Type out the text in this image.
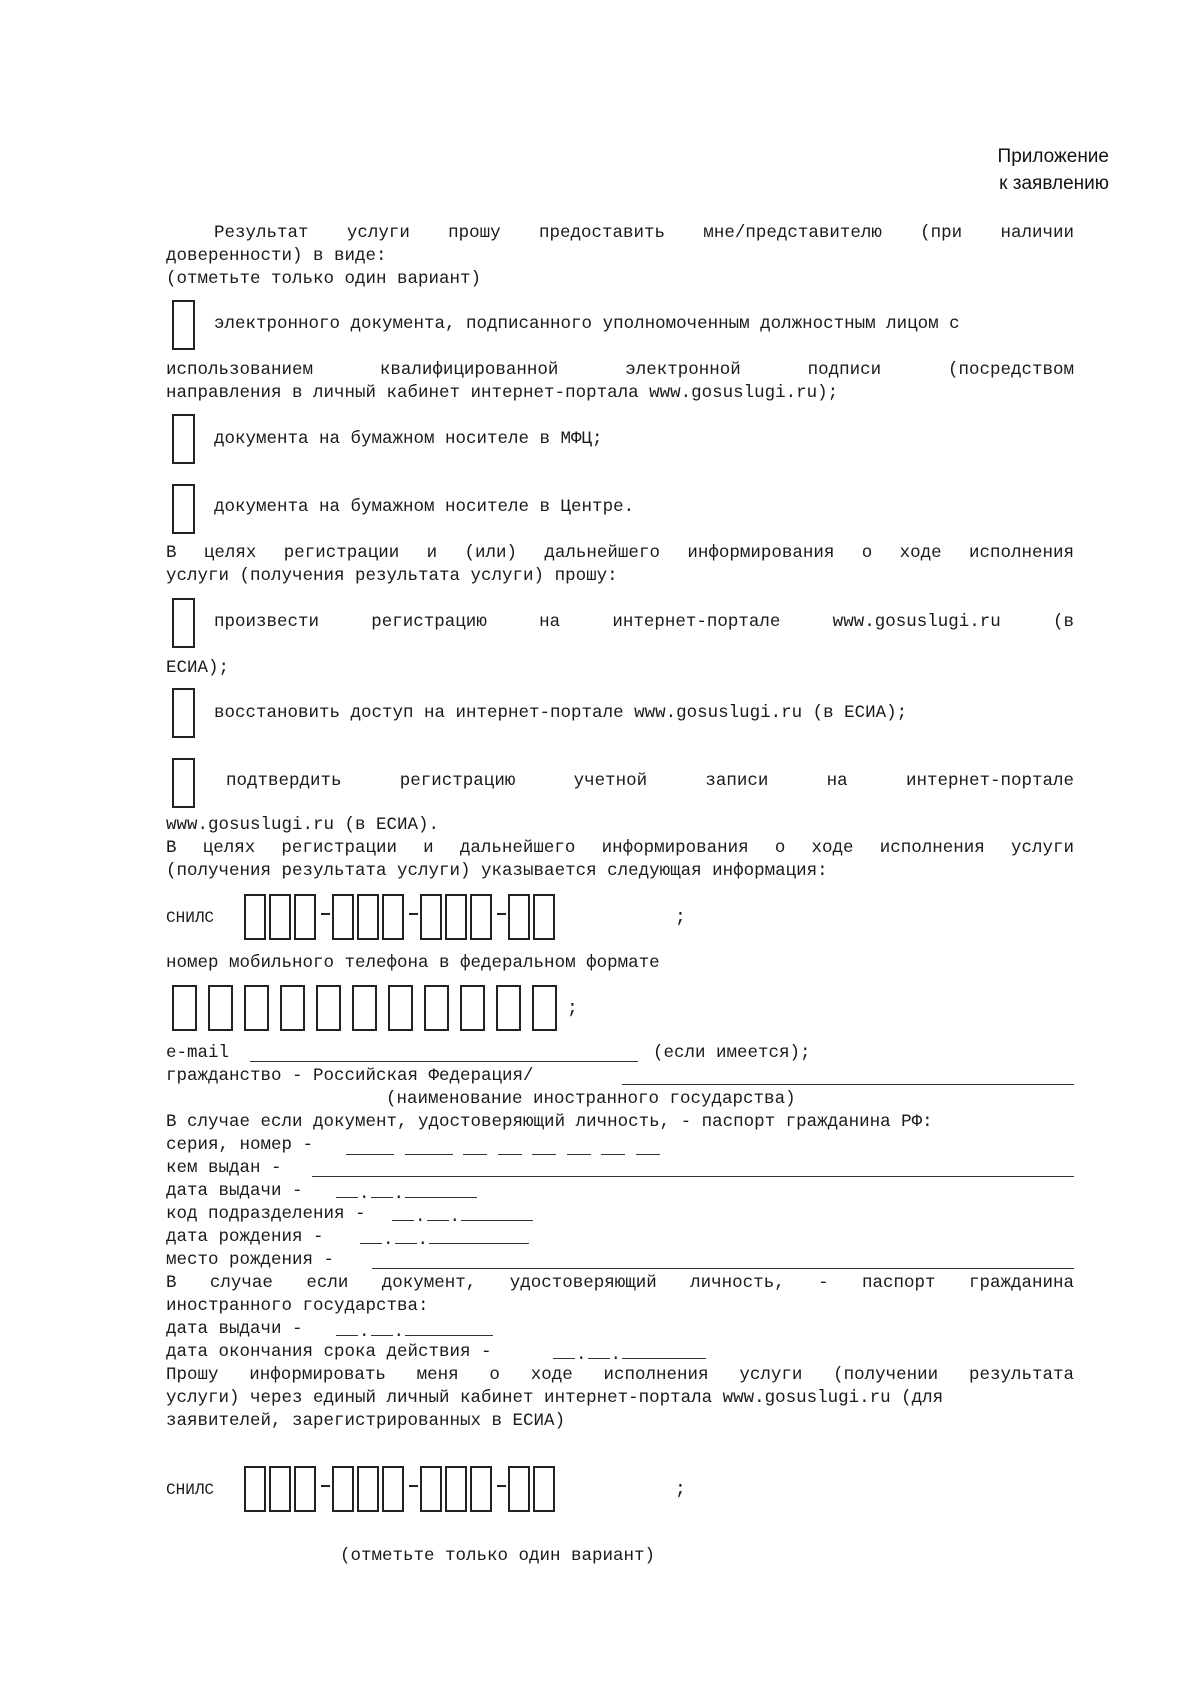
Приложение
к заявлению
Результат услуги прошу предоставить мне/представителю (при наличии
доверенности) в виде:
(отметьте только один вариант)
электронного документа, подписанного уполномоченным должностным лицом с
использованием квалифицированной электронной подписи (посредством
направления в личный кабинет интернет-портала www.gosuslugi.ru);
документа на бумажном носителе в МФЦ;
документа на бумажном носителе в Центре.
В целях регистрации и (или) дальнейшего информирования о ходе исполнения
услуги (получения результата услуги) прошу:
произвести регистрацию на интернет-портале www.gosuslugi.ru (в
ЕСИА);
восстановить доступ на интернет-портале www.gosuslugi.ru (в ЕСИА);
подтвердить регистрацию учетной записи на интернет-портале
www.gosuslugi.ru (в ЕСИА).
В целях регистрации и дальнейшего информирования о ходе исполнения услуги
(получения результата услуги) указывается следующая информация:
СНИЛС	;
номер мобильного телефона в федеральном формате
;
e-mail	(если имеется);
гражданство - Российская Федерация/
(наименование иностранного государства)
В случае если документ, удостоверяющий личность, - паспорт гражданина РФ:
серия, номер -

кем выдан -
дата выдачи -	. .
код подразделения -	. .
дата рождения -	. .
место рождения -
В случае если документ, удостоверяющий личность, - паспорт гражданина
иностранного государства:
дата выдачи -	. .
дата окончания срока действия -	. .
Прошу информировать меня о ходе исполнения услуги (получении результата
услуги) через единый личный кабинет интернет-портала www.gosuslugi.ru (для
заявителей, зарегистрированных в ЕСИА)
СНИЛС	;
(отметьте только один вариант)
